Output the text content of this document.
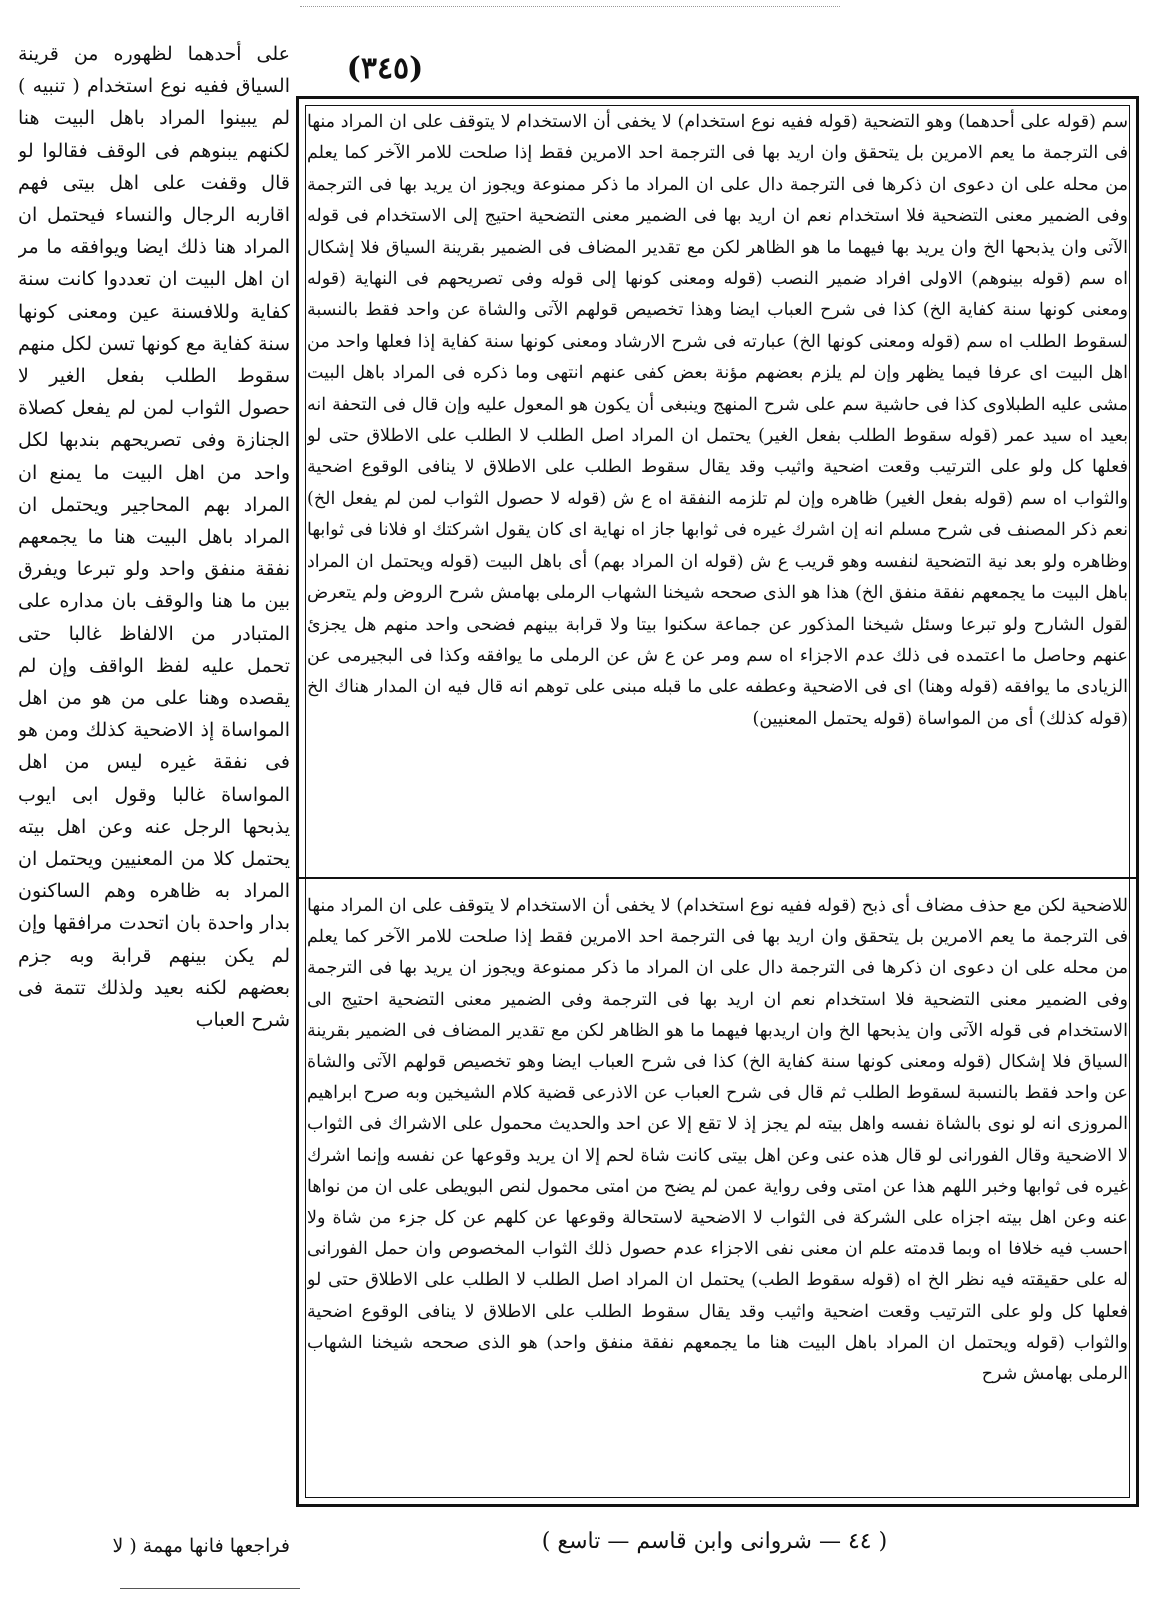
(٣٤٥)

على أحدهما لظهوره من قرينة السياق ففيه نوع استخدام ( تنبيه ) لم يبينوا المراد باهل البيت هنا لكنهم يبنوهم فى الوقف فقالوا لو قال وقفت على اهل بيتى فهم اقاربه الرجال والنساء فيحتمل ان المراد هنا ذلك ايضا ويوافقه ما مر ان اهل البيت ان تعددوا كانت سنة كفاية وللافسنة عين ومعنى كونها سنة كفاية مع كونها تسن لكل منهم سقوط الطلب بفعل الغير لا حصول الثواب لمن لم يفعل كصلاة الجنازة وفى تصريحهم بندبها لكل واحد من اهل البيت ما يمنع ان المراد بهم المحاجير ويحتمل ان المراد باهل البيت هنا ما يجمعهم نفقة منفق واحد ولو تبرعا ويفرق بين ما هنا والوقف بان مداره على المتبادر من الالفاظ غالبا حتى تحمل عليه لفظ الواقف وإن لم يقصده وهنا على من هو من اهل المواساة إذ الاضحية كذلك ومن هو فى نفقة غيره ليس من اهل المواساة غالبا وقول ابى ايوب يذبحها الرجل عنه وعن اهل بيته يحتمل كلا من المعنيين ويحتمل ان المراد به ظاهره وهم الساكنون بدار واحدة بان اتحدت مرافقها وإن لم يكن بينهم قرابة وبه جزم بعضهم لكنه بعيد ولذلك تتمة فى شرح العباب

فراجعها فانها مهمة ( لا

سم (قوله على أحدهما) وهو التضحية (قوله ففيه نوع استخدام) لا يخفى أن الاستخدام لا يتوقف على ان المراد منها فى الترجمة ما يعم الامرين بل يتحقق وان اريد بها فى الترجمة احد الامرين فقط إذا صلحت للامر الآخر كما يعلم من محله على ان دعوى ان ذكرها فى الترجمة دال على ان المراد ما ذكر ممنوعة ويجوز ان يريد بها فى الترجمة وفى الضمير معنى التضحية فلا استخدام نعم ان اريد بها فى الضمير معنى التضحية احتيج إلى الاستخدام فى قوله الآتى وان يذبحها الخ وان يريد بها فيهما ما هو الظاهر لكن مع تقدير المضاف فى الضمير بقرينة السياق فلا إشكال اه سم (قوله بينوهم) الاولى افراد ضمير النصب (قوله ومعنى كونها إلى قوله وفى تصريحهم فى النهاية (قوله ومعنى كونها سنة كفاية الخ) كذا فى شرح العباب ايضا وهذا تخصيص قولهم الآتى والشاة عن واحد فقط بالنسبة لسقوط الطلب اه سم (قوله ومعنى كونها الخ) عبارته فى شرح الارشاد ومعنى كونها سنة كفاية إذا فعلها واحد من اهل البيت اى عرفا فيما يظهر وإن لم يلزم بعضهم مؤنة بعض كفى عنهم انتهى وما ذكره فى المراد باهل البيت مشى عليه الطبلاوى كذا فى حاشية سم على شرح المنهج وينبغى أن يكون هو المعول عليه وإن قال فى التحفة انه بعيد اه سيد عمر (قوله سقوط الطلب بفعل الغير) يحتمل ان المراد اصل الطلب لا الطلب على الاطلاق حتى لو فعلها كل ولو على الترتيب وقعت اضحية واثيب وقد يقال سقوط الطلب على الاطلاق لا ينافى الوقوع اضحية والثواب اه سم (قوله بفعل الغير) ظاهره وإن لم تلزمه النفقة اه ع ش (قوله لا حصول الثواب لمن لم يفعل الخ) نعم ذكر المصنف فى شرح مسلم انه إن اشرك غيره فى ثوابها جاز اه نهاية اى كان يقول اشركتك او فلانا فى ثوابها وظاهره ولو بعد نية التضحية لنفسه وهو قريب ع ش (قوله ان المراد بهم) أى باهل البيت (قوله ويحتمل ان المراد باهل البيت ما يجمعهم نفقة منفق الخ) هذا هو الذى صححه شيخنا الشهاب الرملى بهامش شرح الروض ولم يتعرض لقول الشارح ولو تبرعا وسئل شيخنا المذكور عن جماعة سكنوا بيتا ولا قرابة بينهم فضحى واحد منهم هل يجزئ عنهم وحاصل ما اعتمده فى ذلك عدم الاجزاء اه سم ومر عن ع ش عن الرملى ما يوافقه وكذا فى البجيرمى عن الزيادى ما يوافقه (قوله وهنا) اى فى الاضحية وعطفه على ما قبله مبنى على توهم انه قال فيه ان المدار هناك الخ (قوله كذلك) أى من المواساة (قوله يحتمل المعنيين)

للاضحية لكن مع حذف مضاف أى ذبح (قوله ففيه نوع استخدام) لا يخفى أن الاستخدام لا يتوقف على ان المراد منها فى الترجمة ما يعم الامرين بل يتحقق وان اريد بها فى الترجمة احد الامرين فقط إذا صلحت للامر الآخر كما يعلم من محله على ان دعوى ان ذكرها فى الترجمة دال على ان المراد ما ذكر ممنوعة ويجوز ان يريد بها فى الترجمة وفى الضمير معنى التضحية فلا استخدام نعم ان اريد بها فى الترجمة وفى الضمير معنى التضحية احتيج الى الاستخدام فى قوله الآتى وان يذبحها الخ وان اريدبها فيهما ما هو الظاهر لكن مع تقدير المضاف فى الضمير بقرينة السياق فلا إشكال (قوله ومعنى كونها سنة كفاية الخ) كذا فى شرح العباب ايضا وهو تخصيص قولهم الآتى والشاة عن واحد فقط بالنسبة لسقوط الطلب ثم قال فى شرح العباب عن الاذرعى قضية كلام الشيخين وبه صرح ابراهيم المروزى انه لو نوى بالشاة نفسه واهل بيته لم يجز إذ لا تقع إلا عن احد والحديث محمول على الاشراك فى الثواب لا الاضحية وقال الفورانى لو قال هذه عنى وعن اهل بيتى كانت شاة لحم إلا ان يريد وقوعها عن نفسه وإنما اشرك غيره فى ثوابها وخبر اللهم هذا عن امتى وفى رواية عمن لم يضح من امتى محمول لنص البويطى على ان من نواها عنه وعن اهل بيته اجزاه على الشركة فى الثواب لا الاضحية لاستحالة وقوعها عن كلهم عن كل جزء من شاة ولا احسب فيه خلافا اه وبما قدمته علم ان معنى نفى الاجزاء عدم حصول ذلك الثواب المخصوص وان حمل الفورانى له على حقيقته فيه نظر الخ اه (قوله سقوط الطب) يحتمل ان المراد اصل الطلب لا الطلب على الاطلاق حتى لو فعلها كل ولو على الترتيب وقعت اضحية واثيب وقد يقال سقوط الطلب على الاطلاق لا ينافى الوقوع اضحية والثواب (قوله ويحتمل ان المراد باهل البيت هنا ما يجمعهم نفقة منفق واحد) هو الذى صححه شيخنا الشهاب الرملى بهامش شرح

( ٤٤ — شروانى وابن قاسم — تاسع )
